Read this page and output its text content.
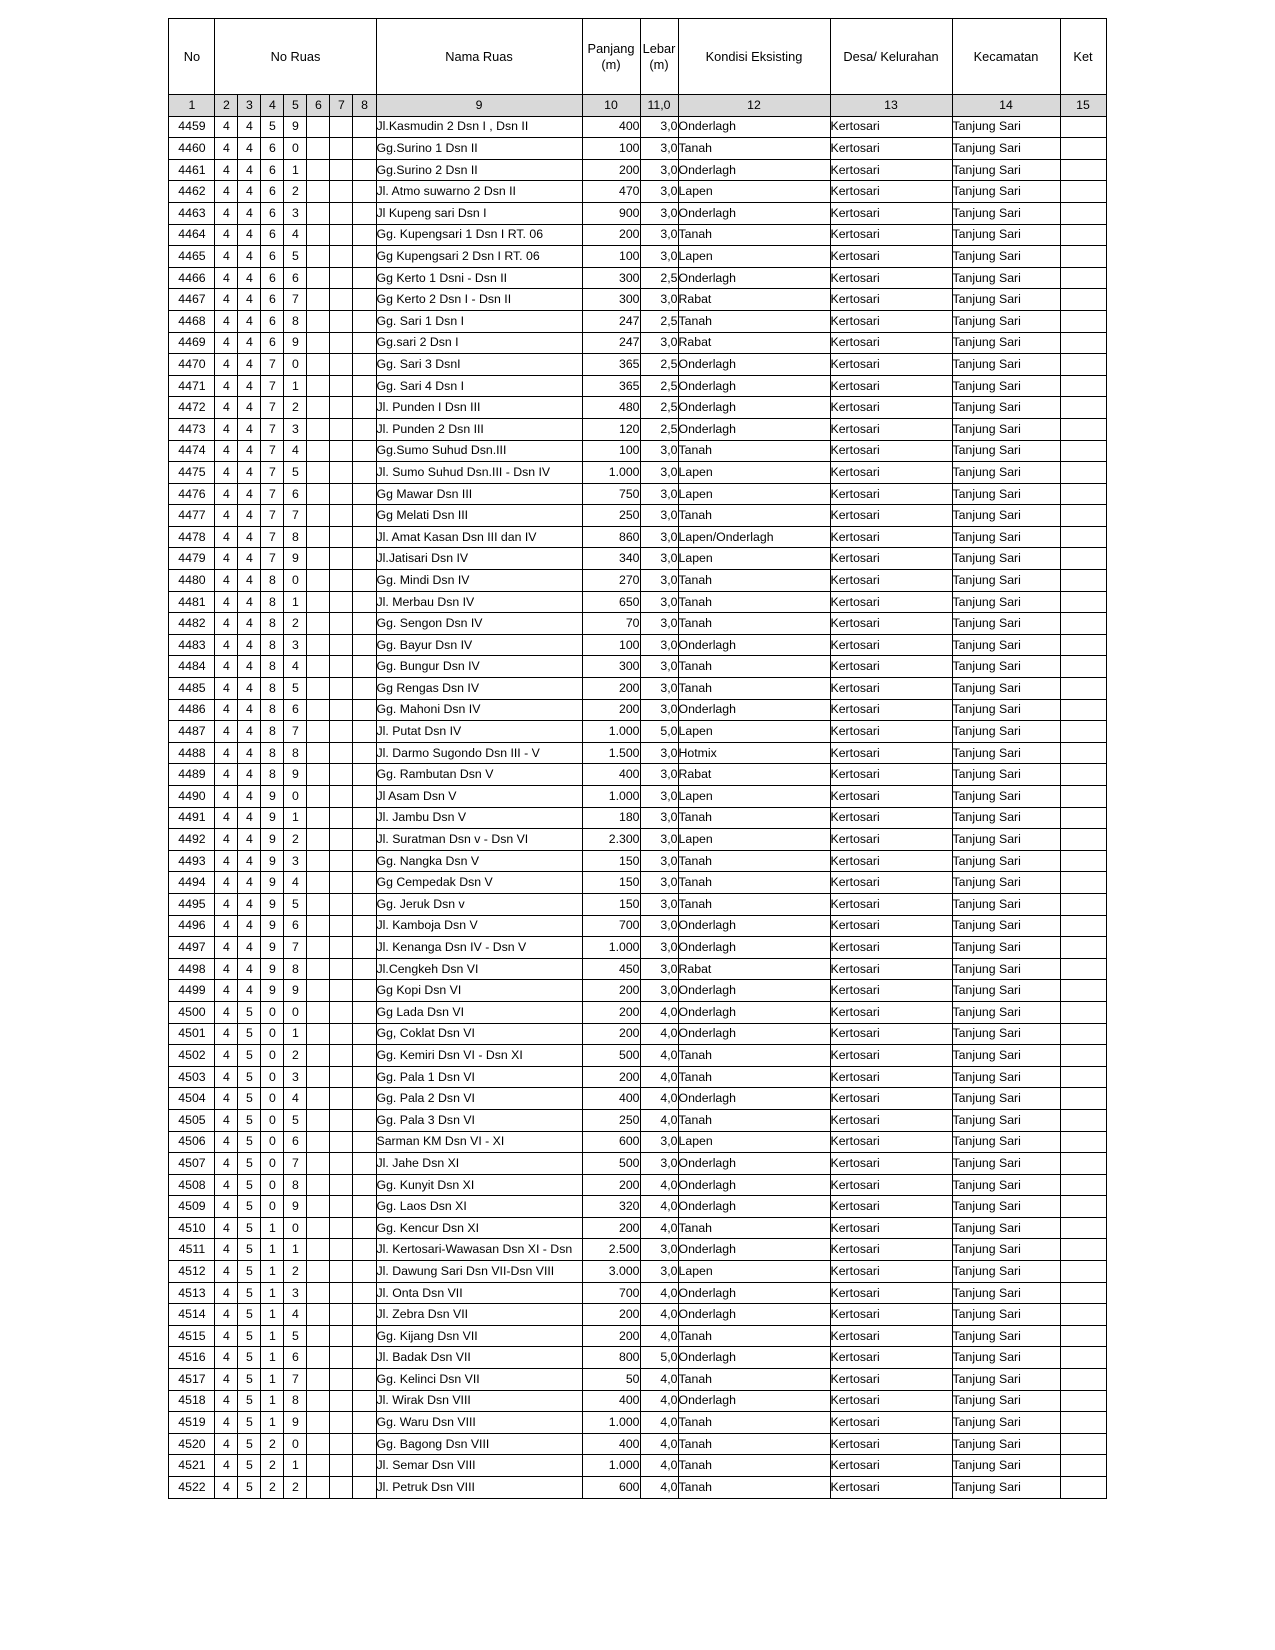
No	No Ruas							Nama Ruas	Panjang
(m)	Lebar
(m)	Kondisi Eksisting	Desa/ Kelurahan	Kecamatan	Ket
1	2	3	4	5	6	7	8	9	10	11,0	12	13	14	15
4459	4	4	5	9				Jl.Kasmudin 2 Dsn I , Dsn II	400	3,0	Onderlagh	Kertosari	Tanjung Sari	
4460	4	4	6	0				Gg.Surino 1 Dsn II	100	3,0	Tanah	Kertosari	Tanjung Sari	
4461	4	4	6	1				Gg.Surino 2 Dsn II	200	3,0	Onderlagh	Kertosari	Tanjung Sari	
4462	4	4	6	2				Jl. Atmo suwarno 2 Dsn II	470	3,0	Lapen	Kertosari	Tanjung Sari	
4463	4	4	6	3				Jl Kupeng sari Dsn I	900	3,0	Onderlagh	Kertosari	Tanjung Sari	
4464	4	4	6	4				Gg. Kupengsari 1 Dsn I RT. 06	200	3,0	Tanah	Kertosari	Tanjung Sari	
4465	4	4	6	5				Gg Kupengsari 2 Dsn I RT. 06	100	3,0	Lapen	Kertosari	Tanjung Sari	
4466	4	4	6	6				Gg Kerto 1 Dsni - Dsn II	300	2,5	Onderlagh	Kertosari	Tanjung Sari	
4467	4	4	6	7				Gg Kerto 2 Dsn I - Dsn II	300	3,0	Rabat	Kertosari	Tanjung Sari	
4468	4	4	6	8				Gg. Sari 1 Dsn I	247	2,5	Tanah	Kertosari	Tanjung Sari	
4469	4	4	6	9				Gg.sari 2 Dsn I	247	3,0	Rabat	Kertosari	Tanjung Sari	
4470	4	4	7	0				Gg. Sari 3 DsnI	365	2,5	Onderlagh	Kertosari	Tanjung Sari	
4471	4	4	7	1				Gg. Sari 4 Dsn I	365	2,5	Onderlagh	Kertosari	Tanjung Sari	
4472	4	4	7	2				Jl. Punden I Dsn III	480	2,5	Onderlagh	Kertosari	Tanjung Sari	
4473	4	4	7	3				Jl. Punden 2 Dsn III	120	2,5	Onderlagh	Kertosari	Tanjung Sari	
4474	4	4	7	4				Gg.Sumo Suhud Dsn.III	100	3,0	Tanah	Kertosari	Tanjung Sari	
4475	4	4	7	5				Jl. Sumo Suhud Dsn.III - Dsn IV	1.000	3,0	Lapen	Kertosari	Tanjung Sari	
4476	4	4	7	6				Gg Mawar Dsn III	750	3,0	Lapen	Kertosari	Tanjung Sari	
4477	4	4	7	7				Gg Melati Dsn III	250	3,0	Tanah	Kertosari	Tanjung Sari	
4478	4	4	7	8				Jl. Amat Kasan Dsn III dan IV	860	3,0	Lapen/Onderlagh	Kertosari	Tanjung Sari	
4479	4	4	7	9				Jl.Jatisari Dsn IV	340	3,0	Lapen	Kertosari	Tanjung Sari	
4480	4	4	8	0				Gg. Mindi Dsn IV	270	3,0	Tanah	Kertosari	Tanjung Sari	
4481	4	4	8	1				Jl. Merbau Dsn IV	650	3,0	Tanah	Kertosari	Tanjung Sari	
4482	4	4	8	2				Gg. Sengon Dsn IV	70	3,0	Tanah	Kertosari	Tanjung Sari	
4483	4	4	8	3				Gg. Bayur Dsn IV	100	3,0	Onderlagh	Kertosari	Tanjung Sari	
4484	4	4	8	4				Gg. Bungur Dsn IV	300	3,0	Tanah	Kertosari	Tanjung Sari	
4485	4	4	8	5				Gg Rengas Dsn IV	200	3,0	Tanah	Kertosari	Tanjung Sari	
4486	4	4	8	6				Gg. Mahoni Dsn IV	200	3,0	Onderlagh	Kertosari	Tanjung Sari	
4487	4	4	8	7				Jl. Putat Dsn IV	1.000	5,0	Lapen	Kertosari	Tanjung Sari	
4488	4	4	8	8				Jl. Darmo Sugondo Dsn III - V	1.500	3,0	Hotmix	Kertosari	Tanjung Sari	
4489	4	4	8	9				Gg. Rambutan Dsn V	400	3,0	Rabat	Kertosari	Tanjung Sari	
4490	4	4	9	0				Jl Asam Dsn V	1.000	3,0	Lapen	Kertosari	Tanjung Sari	
4491	4	4	9	1				Jl. Jambu Dsn V	180	3,0	Tanah	Kertosari	Tanjung Sari	
4492	4	4	9	2				Jl. Suratman Dsn v - Dsn VI	2.300	3,0	Lapen	Kertosari	Tanjung Sari	
4493	4	4	9	3				Gg. Nangka Dsn V	150	3,0	Tanah	Kertosari	Tanjung Sari	
4494	4	4	9	4				Gg Cempedak Dsn V	150	3,0	Tanah	Kertosari	Tanjung Sari	
4495	4	4	9	5				Gg. Jeruk Dsn v	150	3,0	Tanah	Kertosari	Tanjung Sari	
4496	4	4	9	6				Jl. Kamboja Dsn V	700	3,0	Onderlagh	Kertosari	Tanjung Sari	
4497	4	4	9	7				Jl. Kenanga Dsn IV - Dsn V	1.000	3,0	Onderlagh	Kertosari	Tanjung Sari	
4498	4	4	9	8				Jl.Cengkeh Dsn VI	450	3,0	Rabat	Kertosari	Tanjung Sari	
4499	4	4	9	9				Gg Kopi Dsn VI	200	3,0	Onderlagh	Kertosari	Tanjung Sari	
4500	4	5	0	0				Gg Lada Dsn VI	200	4,0	Onderlagh	Kertosari	Tanjung Sari	
4501	4	5	0	1				Gg, Coklat Dsn VI	200	4,0	Onderlagh	Kertosari	Tanjung Sari	
4502	4	5	0	2				Gg. Kemiri Dsn VI - Dsn XI	500	4,0	Tanah	Kertosari	Tanjung Sari	
4503	4	5	0	3				Gg. Pala 1 Dsn VI	200	4,0	Tanah	Kertosari	Tanjung Sari	
4504	4	5	0	4				Gg. Pala 2 Dsn VI	400	4,0	Onderlagh	Kertosari	Tanjung Sari	
4505	4	5	0	5				Gg. Pala 3 Dsn VI	250	4,0	Tanah	Kertosari	Tanjung Sari	
4506	4	5	0	6				Sarman KM Dsn VI - XI	600	3,0	Lapen	Kertosari	Tanjung Sari	
4507	4	5	0	7				Jl. Jahe Dsn XI	500	3,0	Onderlagh	Kertosari	Tanjung Sari	
4508	4	5	0	8				Gg. Kunyit Dsn XI	200	4,0	Onderlagh	Kertosari	Tanjung Sari	
4509	4	5	0	9				Gg. Laos Dsn XI	320	4,0	Onderlagh	Kertosari	Tanjung Sari	
4510	4	5	1	0				Gg. Kencur Dsn XI	200	4,0	Tanah	Kertosari	Tanjung Sari	
4511	4	5	1	1				Jl. Kertosari-Wawasan Dsn XI - Dsn	2.500	3,0	Onderlagh	Kertosari	Tanjung Sari	
4512	4	5	1	2				Jl. Dawung Sari Dsn VII-Dsn VIII	3.000	3,0	Lapen	Kertosari	Tanjung Sari	
4513	4	5	1	3				Jl. Onta Dsn VII	700	4,0	Onderlagh	Kertosari	Tanjung Sari	
4514	4	5	1	4				Jl. Zebra Dsn VII	200	4,0	Onderlagh	Kertosari	Tanjung Sari	
4515	4	5	1	5				Gg. Kijang Dsn VII	200	4,0	Tanah	Kertosari	Tanjung Sari	
4516	4	5	1	6				Jl. Badak Dsn VII	800	5,0	Onderlagh	Kertosari	Tanjung Sari	
4517	4	5	1	7				Gg. Kelinci Dsn VII	50	4,0	Tanah	Kertosari	Tanjung Sari	
4518	4	5	1	8				Jl. Wirak Dsn VIII	400	4,0	Onderlagh	Kertosari	Tanjung Sari	
4519	4	5	1	9				Gg. Waru Dsn VIII	1.000	4,0	Tanah	Kertosari	Tanjung Sari	
4520	4	5	2	0				Gg. Bagong Dsn VIII	400	4,0	Tanah	Kertosari	Tanjung Sari	
4521	4	5	2	1				Jl. Semar Dsn VIII	1.000	4,0	Tanah	Kertosari	Tanjung Sari	
4522	4	5	2	2				Jl. Petruk Dsn VIII	600	4,0	Tanah	Kertosari	Tanjung Sari	
